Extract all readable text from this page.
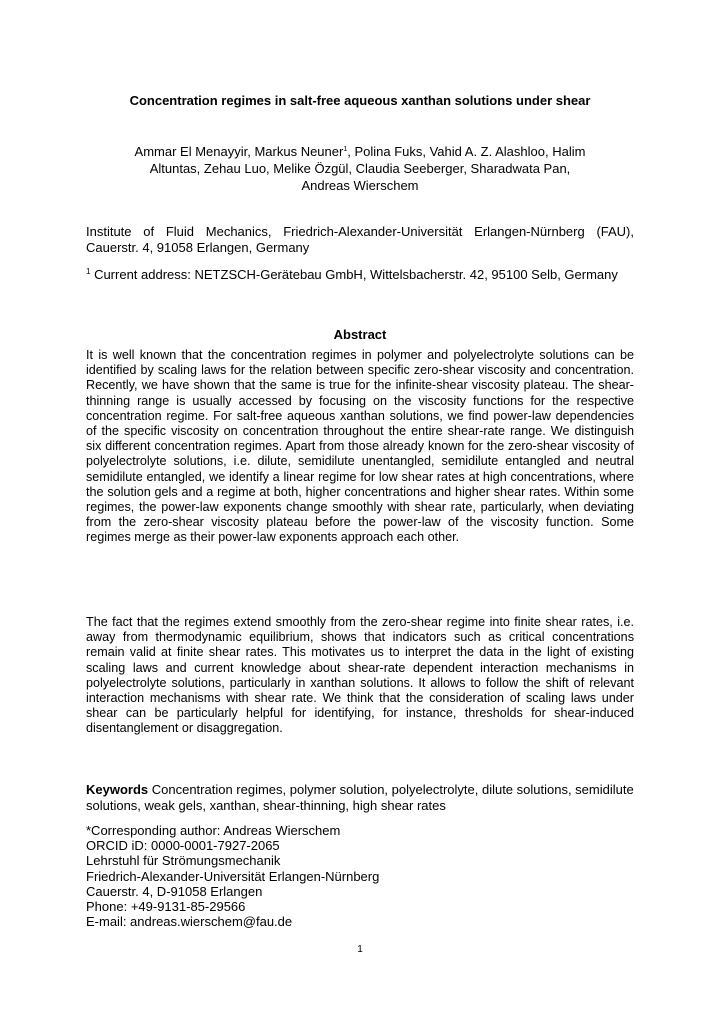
Concentration regimes in salt-free aqueous xanthan solutions under shear
Ammar El Menayyir, Markus Neuner$^1$, Polina Fuks, Vahid A. Z. Alashloo, Halim
Altuntas, Zehau Luo, Melike Özgül, Claudia Seeberger, Sharadwata Pan,
Andreas Wierschem

Institute of Fluid Mechanics, Friedrich-Alexander-Universität Erlangen-Nürnberg (FAU), Cauerstr. 4, 91058 Erlangen, Germany

$^1$ Current address: NETZSCH-Gerätebau GmbH, Wittelsbacherstr. 42, 95100 Selb, Germany

Abstract

It is well known that the concentration regimes in polymer and polyelectrolyte solutions can be identified by scaling laws for the relation between specific zero-shear viscosity and concentration. Recently, we have shown that the same is true for the infinite-shear viscosity plateau. The shear-thinning range is usually accessed by focusing on the viscosity functions for the respective concentration regime. For salt-free aqueous xanthan solutions, we find power-law dependencies of the specific viscosity on concentration throughout the entire shear-rate range. We distinguish six different concentration regimes. Apart from those already known for the zero-shear viscosity of polyelectrolyte solutions, i.e. dilute, semidilute unentangled, semidilute entangled and neutral semidilute entangled, we identify a linear regime for low shear rates at high concentrations, where the solution gels and a regime at both, higher concentrations and higher shear rates. Within some regimes, the power-law exponents change smoothly with shear rate, particularly, when deviating from the zero-shear viscosity plateau before the power-law of the viscosity function. Some regimes merge as their power-law exponents approach each other.

The fact that the regimes extend smoothly from the zero-shear regime into finite shear rates, i.e. away from thermodynamic equilibrium, shows that indicators such as critical concentrations remain valid at finite shear rates. This motivates us to interpret the data in the light of existing scaling laws and current knowledge about shear-rate dependent interaction mechanisms in polyelectrolyte solutions, particularly in xanthan solutions. It allows to follow the shift of relevant interaction mechanisms with shear rate. We think that the consideration of scaling laws under shear can be particularly helpful for identifying, for instance, thresholds for shear-induced disentanglement or disaggregation.

Keywords Concentration regimes, polymer solution, polyelectrolyte, dilute solutions, semidilute solutions, weak gels, xanthan, shear-thinning, high shear rates

*Corresponding author: Andreas Wierschem
ORCID iD: 0000-0001-7927-2065
Lehrstuhl für Strömungsmechanik
Friedrich-Alexander-Universität Erlangen-Nürnberg
Cauerstr. 4, D-91058 Erlangen
Phone: +49-9131-85-29566
E-mail: andreas.wierschem@fau.de
1
